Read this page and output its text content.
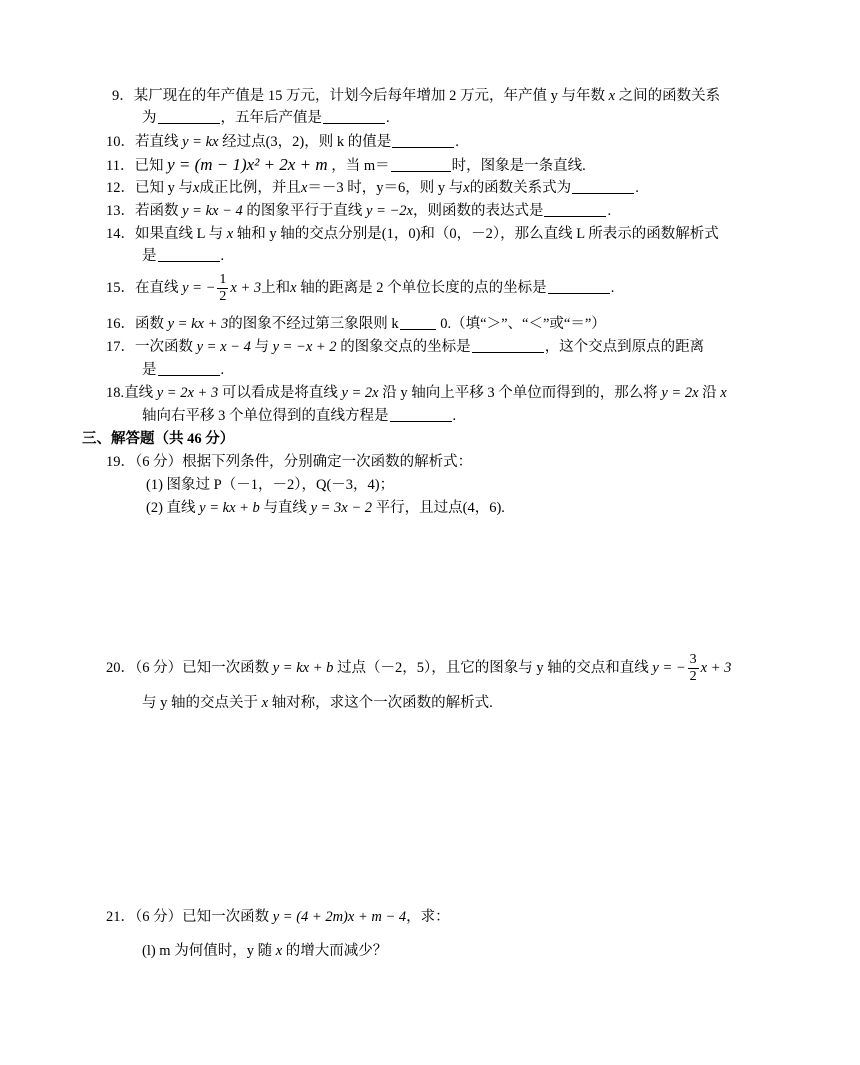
9．某厂现在的年产值是 15 万元，计划今后每年增加 2 万元，年产值 y 与年数 x 之间的函数关系
为	，五年后产值是	.
10．若直线 y = kx 经过点(3，2)，则 k 的值是	.
11．已知 y = (m − 1)x² + 2x + m ，当 m＝	时，图象是一条直线.
12．已知 y 与x成正比例，并且x＝－3 时，y＝6，则 y 与x的函数关系式为	.
13．若函数 y = kx − 4 的图象平行于直线 y = −2x，则函数的表达式是	.
14．如果直线 L 与 x 轴和 y 轴的交点分别是(1，0)和（0，－2），那么直线 L 所表示的函数解析式
是	.
15．在直线 y = − $\frac{1}{2}$ x + 3上和x 轴的距离是 2 个单位长度的点的坐标是	.
16．函数 y = kx + 3的图象不经过第三象限则 k	0.（填“＞”、“＜”或“＝”）
17．一次函数 y = x − 4 与 y = −x + 2 的图象交点的坐标是	，这个交点到原点的距离
是	.
18.直线 y = 2x + 3 可以看成是将直线 y = 2x 沿 y 轴向上平移 3 个单位而得到的，那么将 y = 2x 沿 x
轴向右平移 3 个单位得到的直线方程是	.
三、解答题（共 46 分）
19．（6 分）根据下列条件，分别确定一次函数的解析式：
(1) 图象过 P（－1，－2），Q(－3，4)；
(2) 直线 y = kx + b 与直线 y = 3x − 2 平行，且过点(4，6).
20．（6 分）已知一次函数 y = kx + b 过点（－2，5），且它的图象与 y 轴的交点和直线 y = − $\frac{3}{2}$ x + 3
与 y 轴的交点关于 x 轴对称，求这个一次函数的解析式.
21．（6 分）已知一次函数 y = (4 + 2m)x + m − 4，求：
(l) m 为何值时，y 随 x 的增大而减少？
